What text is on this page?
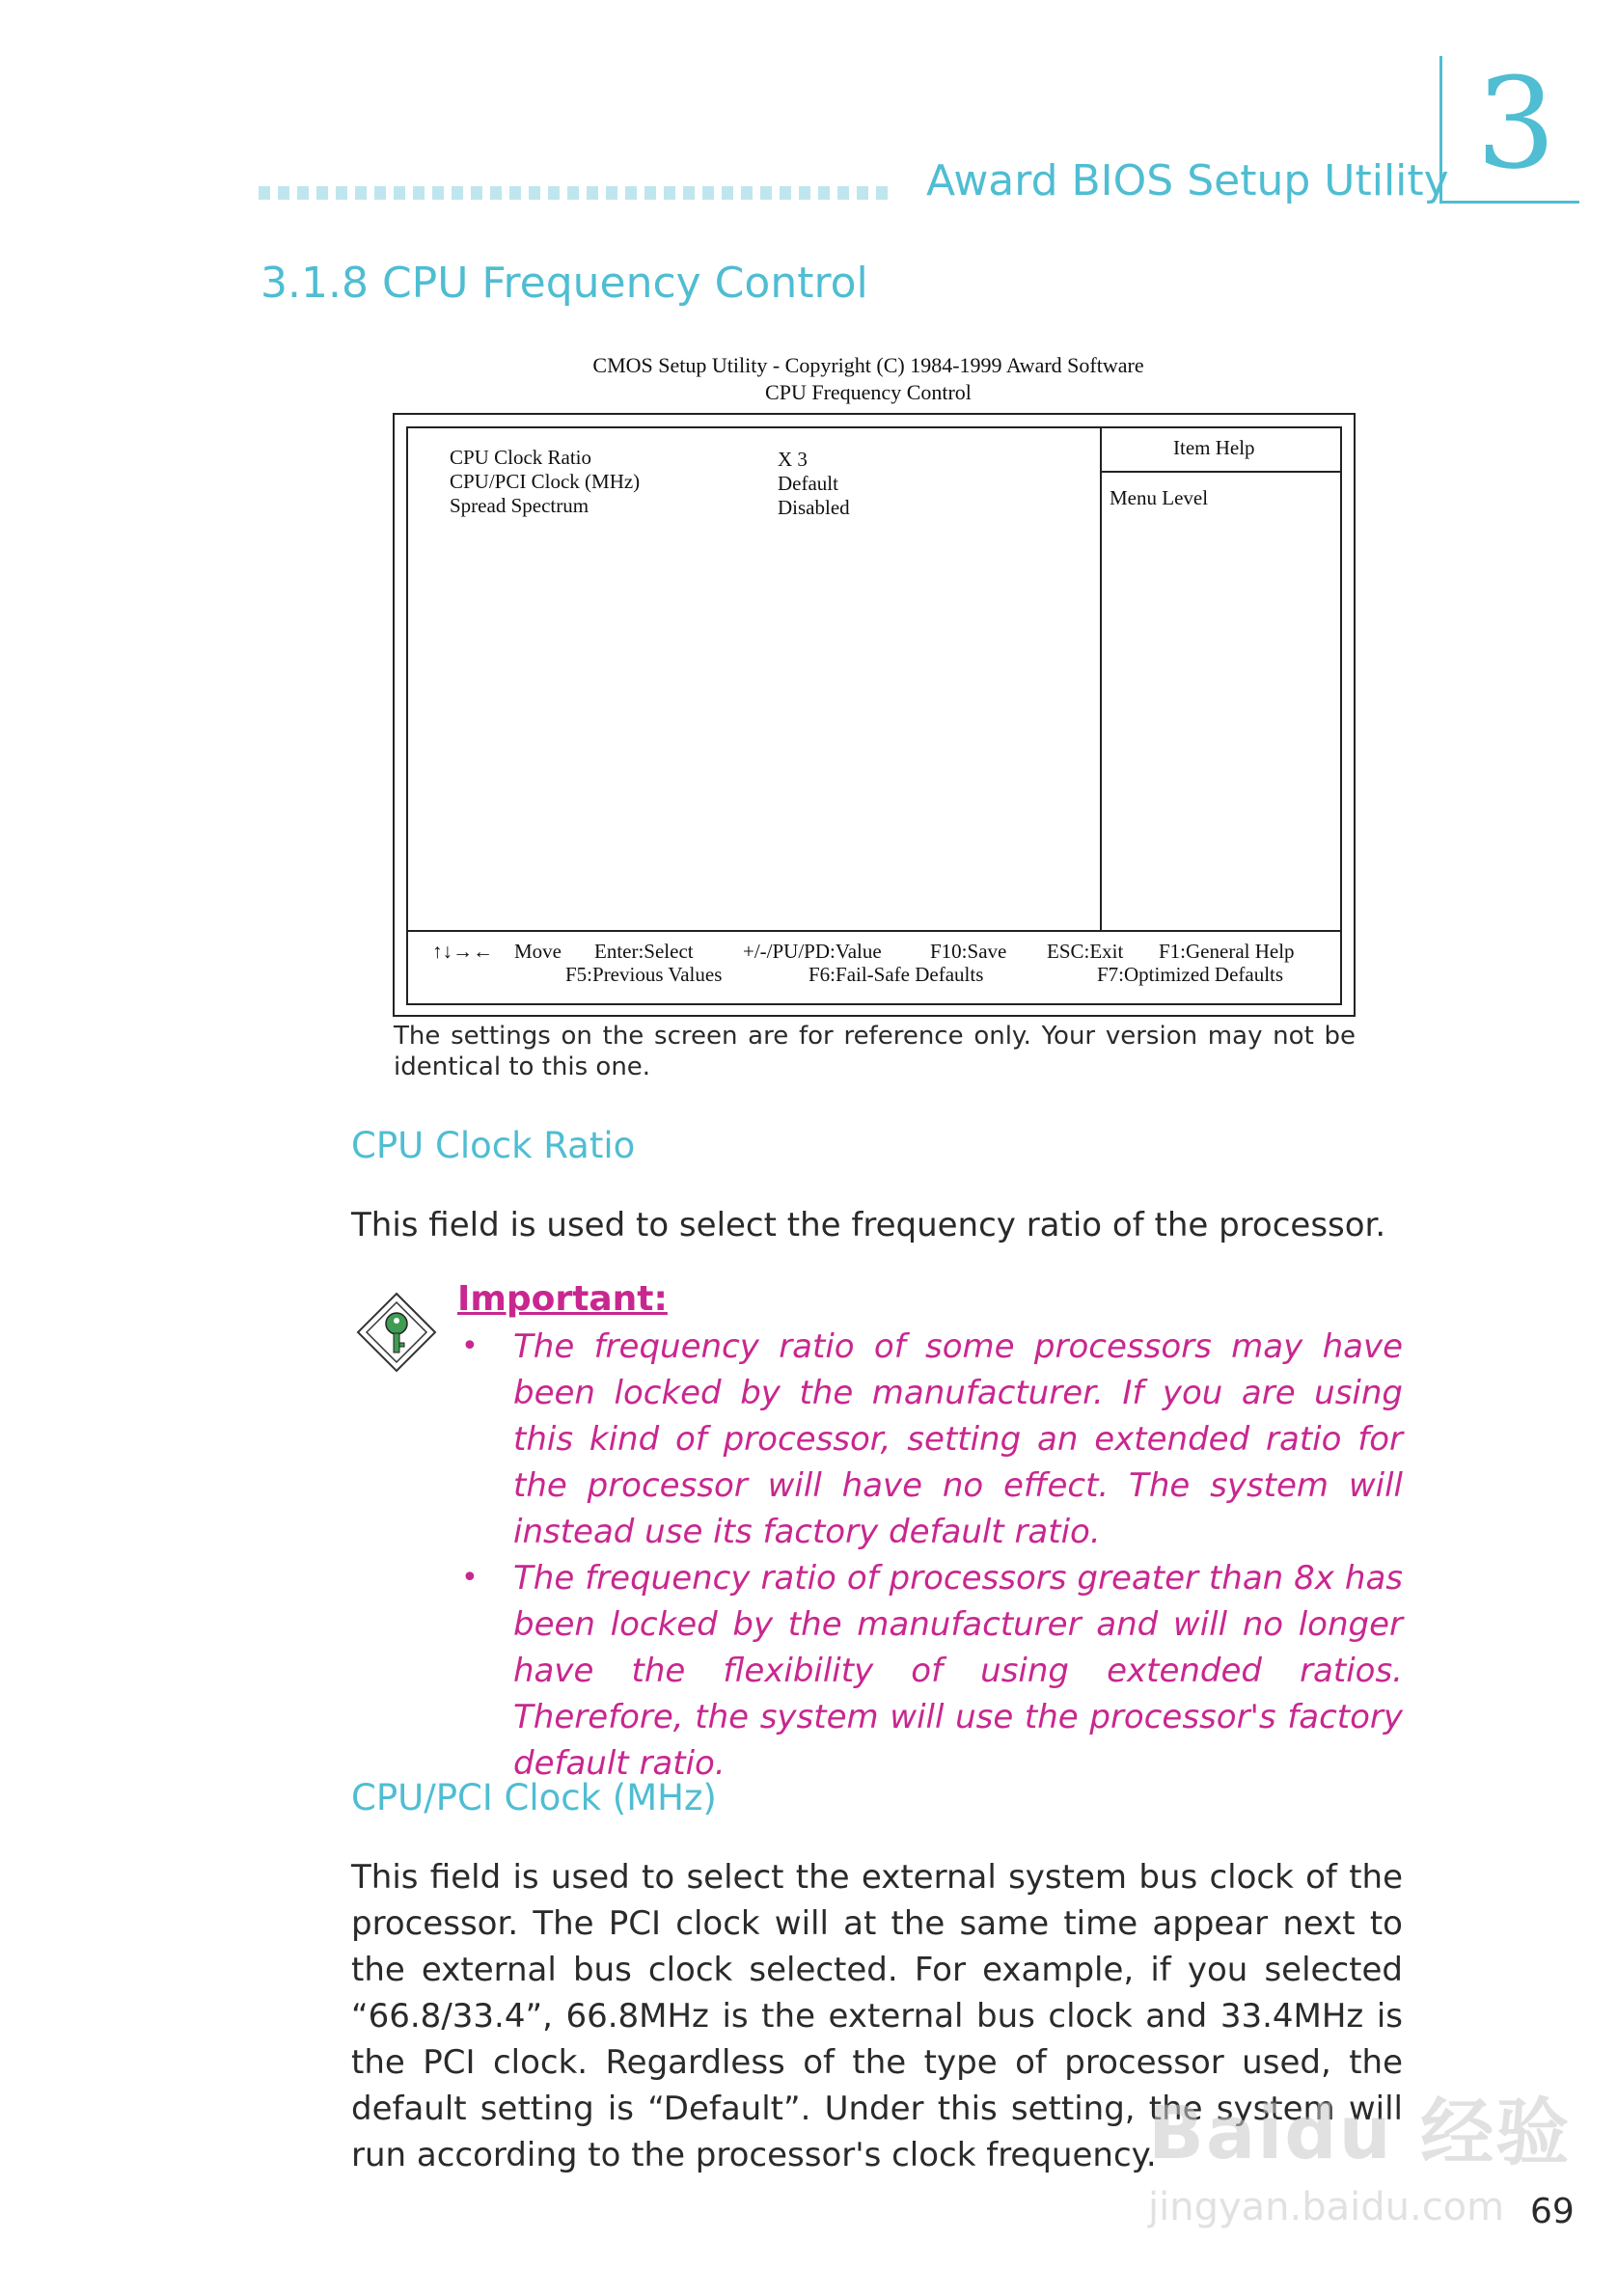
Award BIOS Setup Utility 3
3.1.8 CPU Frequency Control
CMOS Setup Utility - Copyright (C) 1984-1999 Award Software
CPU Frequency Control
CPU Clock Ratio
CPU/PCI Clock (MHz)
Spread Spectrum
X 3
Default
Disabled
Item Help
Menu Level
↑↓→← Move Enter:Select +/-/PU/PD:Value F10:Save ESC:Exit F1:General Help
F5:Previous Values	F6:Fail-Safe Defaults	F7:Optimized Defaults
The settings on the screen are for reference only. Your version may not be identical to this one.
CPU Clock Ratio
This field is used to select the frequency ratio of the processor.
Important:
• The frequency ratio of some processors may have been locked by the manufacturer. If you are using this kind of processor, setting an extended ratio for the processor will have no effect. The system will instead use its factory default ratio.
• The frequency ratio of processors greater than 8x has been locked by the manufacturer and will no longer have the flexibility of using extended ratios. Therefore, the system will use the processor's factory default ratio.
CPU/PCI Clock (MHz)
This field is used to select the external system bus clock of the processor. The PCI clock will at the same time appear next to the external bus clock selected. For example, if you selected “66.8/33.4”, 66.8MHz is the external bus clock and 33.4MHz is the PCI clock. Regardless of the type of processor used, the default setting is “Default”. Under this setting, the system will run according to the processor's clock frequency.
Baidu 经验
jingyan.baidu.com 69
